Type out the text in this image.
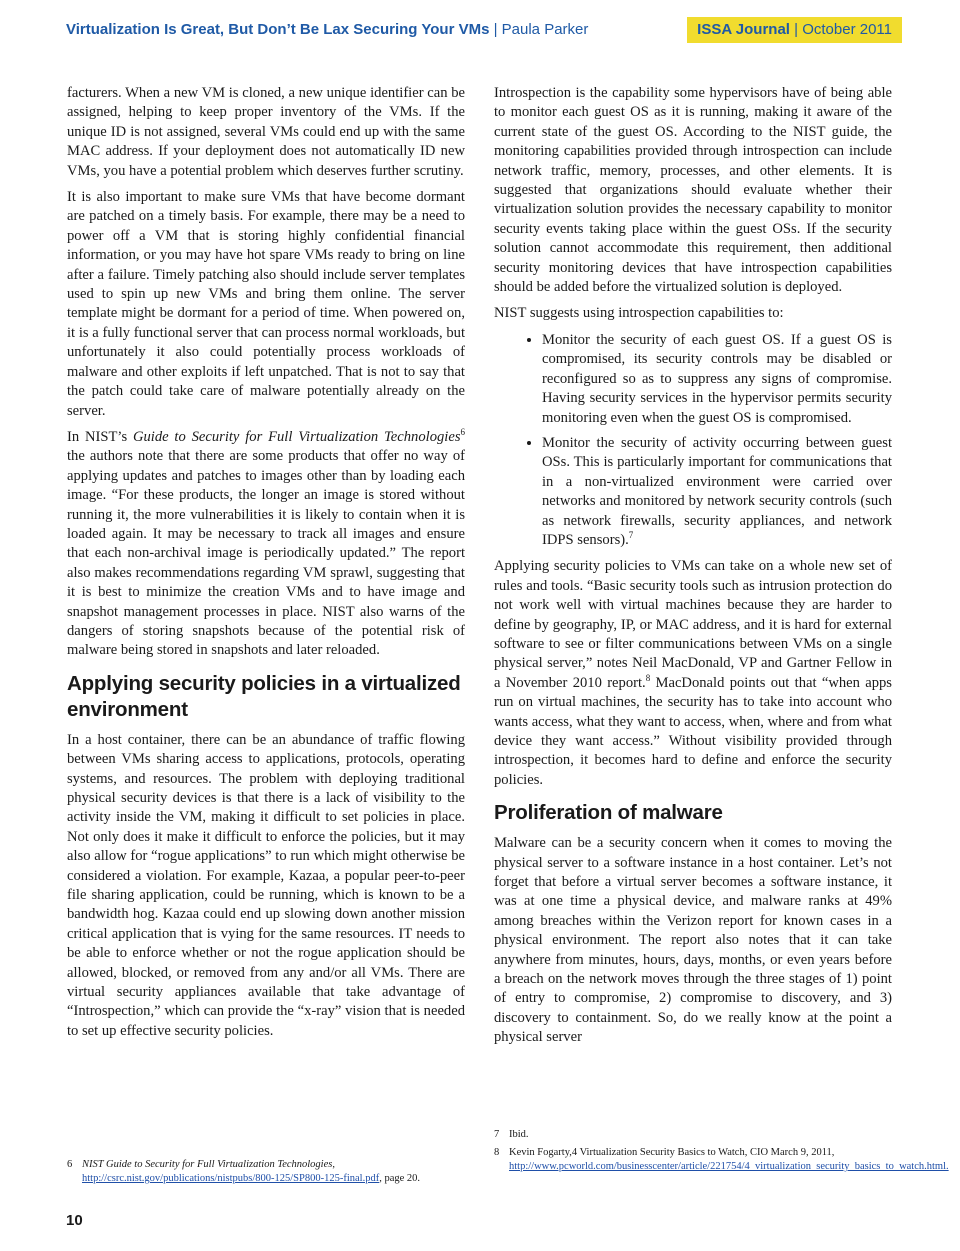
Virtualization Is Great, But Don’t Be Lax Securing Your VMs | Paula Parker	ISSA Journal | October 2011

facturers. When a new VM is cloned, a new unique identifier can be assigned, helping to keep proper inventory of the VMs. If the unique ID is not assigned, several VMs could end up with the same MAC address. If your deployment does not automatically ID new VMs, you have a potential problem which deserves further scrutiny.

It is also important to make sure VMs that have become dormant are patched on a timely basis. For example, there may be a need to power off a VM that is storing highly confidential financial information, or you may have hot spare VMs ready to bring on line after a failure. Timely patching also should include server templates used to spin up new VMs and bring them online. The server template might be dormant for a period of time. When powered on, it is a fully functional server that can process normal workloads, but unfortunately it also could potentially process workloads of malware and other exploits if left unpatched. That is not to say that the patch could take care of malware potentially already on the server.

In NIST’s Guide to Security for Full Virtualization Technologies$^6$ the authors note that there are some products that offer no way of applying updates and patches to images other than by loading each image. “For these products, the longer an image is stored without running it, the more vulnerabilities it is likely to contain when it is loaded again. It may be necessary to track all images and ensure that each non-archival image is periodically updated.” The report also makes recommendations regarding VM sprawl, suggesting that it is best to minimize the creation VMs and to have image and snapshot management processes in place. NIST also warns of the dangers of storing snapshots because of the potential risk of malware being stored in snapshots and later reloaded.

Applying security policies in a virtualized environment

In a host container, there can be an abundance of traffic flowing between VMs sharing access to applications, protocols, operating systems, and resources. The problem with deploying traditional physical security devices is that there is a lack of visibility to the activity inside the VM, making it difficult to set policies in place. Not only does it make it difficult to enforce the policies, but it may also allow for “rogue applications” to run which might otherwise be considered a violation. For example, Kazaa, a popular peer-to-peer file sharing application, could be running, which is known to be a bandwidth hog. Kazaa could end up slowing down another mission critical application that is vying for the same resources. IT needs to be able to enforce whether or not the rogue application should be allowed, blocked, or removed from any and/or all VMs. There are virtual security appliances available that take advantage of “Introspection,” which can provide the “x-ray” vision that is needed to set up effective security policies.

Introspection is the capability some hypervisors have of being able to monitor each guest OS as it is running, making it aware of the current state of the guest OS. According to the NIST guide, the monitoring capabilities provided through introspection can include network traffic, memory, processes, and other elements. It is suggested that organizations should evaluate whether their virtualization solution provides the necessary capability to monitor security events taking place within the guest OSs. If the security solution cannot accommodate this requirement, then additional security monitoring devices that have introspection capabilities should be added before the virtualized solution is deployed.

NIST suggests using introspection capabilities to:

• Monitor the security of each guest OS. If a guest OS is compromised, its security controls may be disabled or reconfigured so as to suppress any signs of compromise. Having security services in the hypervisor permits security monitoring even when the guest OS is compromised.
• Monitor the security of activity occurring between guest OSs. This is particularly important for communications that in a non-virtualized environment were carried over networks and monitored by network security controls (such as network firewalls, security appliances, and network IDPS sensors).$^7$

Applying security policies to VMs can take on a whole new set of rules and tools. “Basic security tools such as intrusion protection do not work well with virtual machines because they are harder to define by geography, IP, or MAC address, and it is hard for external software to see or filter communications between VMs on a single physical server,” notes Neil MacDonald, VP and Gartner Fellow in a November 2010 report.$^8$ MacDonald points out that “when apps run on virtual machines, the security has to take into account who wants access, what they want to access, when, where and from what device they want access.” Without visibility provided through introspection, it becomes hard to define and enforce the security policies.

Proliferation of malware

Malware can be a security concern when it comes to moving the physical server to a software instance in a host container. Let’s not forget that before a virtual server becomes a software instance, it was at one time a physical device, and malware ranks at 49% among breaches within the Verizon report for known cases in a physical environment. The report also notes that it can take anywhere from minutes, hours, days, months, or even years before a breach on the network moves through the three stages of 1) point of entry to compromise, 2) compromise to discovery, and 3) discovery to containment. So, do we really know at the point a physical server

6 NIST Guide to Security for Full Virtualization Technologies, http://csrc.nist.gov/publications/nistpubs/800-125/SP800-125-final.pdf, page 20.
7 Ibid.
8 Kevin Fogarty,4 Virtualization Security Basics to Watch, CIO March 9, 2011, http://www.pcworld.com/businesscenter/article/221754/4_virtualization_security_basics_to_watch.html.
10
